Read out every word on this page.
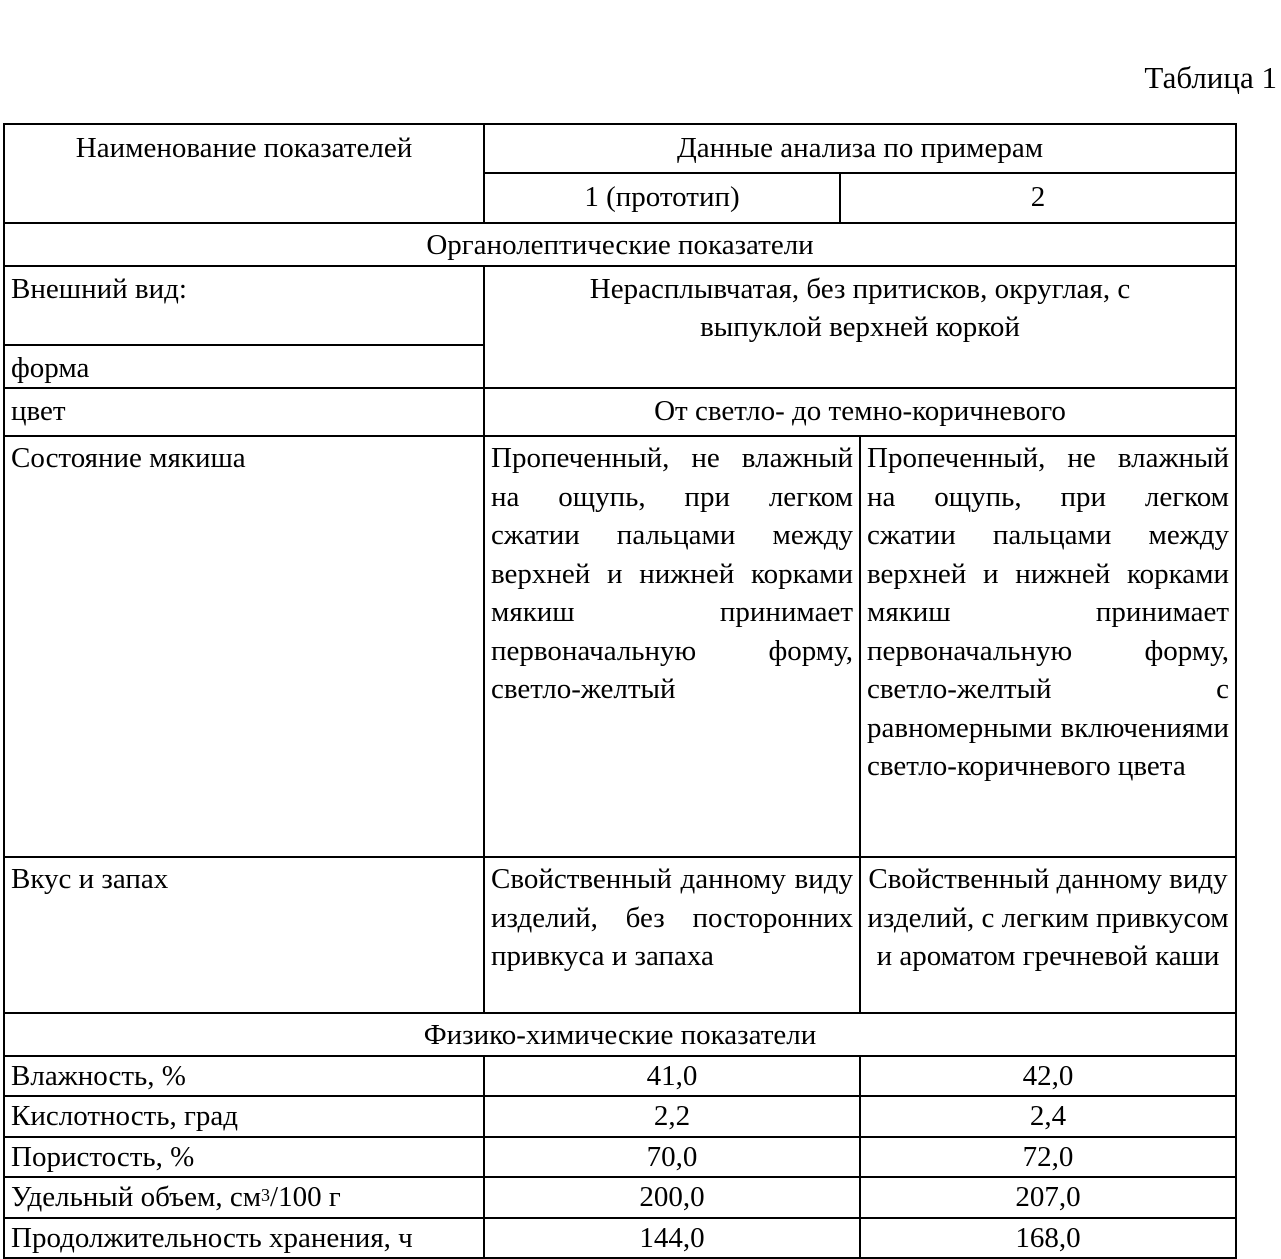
Таблица 1
Наименование показателей	Данные анализа по примерам		
	1 (прототип)	2	
Органолептические показатели			
Внешний вид:	Нерасплывчатая, без притисков, округлая, с выпуклой верхней коркой		
форма			
цвет	От светло- до темно-коричневого		
Состояние мякиша	Пропеченный, не влажный на ощупь, при легком сжатии пальцами между верхней и нижней корками мякиш принимает первоначальную форму, светло-желтый		Пропеченный, не влажный на ощупь, при легком сжатии пальцами между верхней и нижней корками мякиш принимает первоначальную форму, светло-желтый с равномерными включениями светло-коричневого цвета
Вкус и запах	Свойственный данному виду изделий, без посторонних привкуса и запаха		Свойственный данному виду изделий, с легким привкусом и ароматом гречневой каши
Физико-химические показатели			
Влажность, %	41,0		42,0
Кислотность, град	2,2		2,4
Пористость, %	70,0		72,0
Удельный объем, $см^3/100$ г	200,0		207,0
Продолжительность хранения, ч	144,0		168,0
